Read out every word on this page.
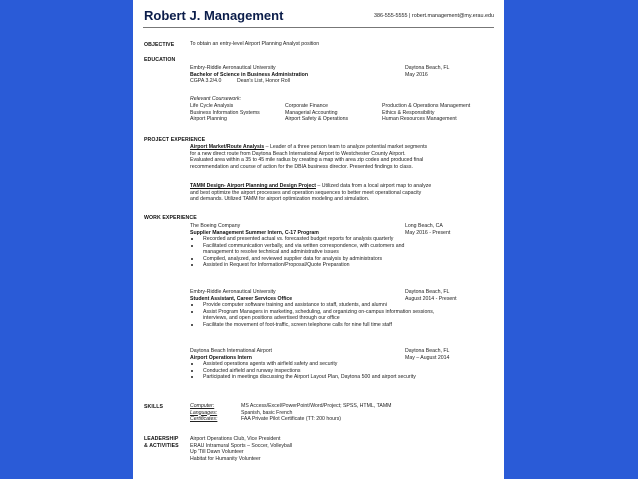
Robert J. Management	386-555-5555 | robert.management@my.erau.edu
OBJECTIVE	To obtain an entry-level Airport Planning Analyst position
EDUCATION
Embry-Riddle Aeronautical University	Daytona Beach, FL
Bachelor of Science in Business Administration	May 2016
CGPA 3.2/4.0	Dean's List, Honor Roll
Relevant Coursework:
Life Cycle Analysis	Corporate Finance	Production & Operations Management
Business Information Systems	Managerial Accounting	Ethics & Responsibility
Airport Planning	Airport Safety & Operations	Human Resources Management
PROJECT EXPERIENCE
Airport Market/Route Analysis – Leader of a three person team to analyze potential market segments
for a new direct route from Daytona Beach International Airport to Westchester County Airport.
Evaluated area within a 35 to 45 mile radius by creating a map with area zip codes and produced final
recommendation and course of action for the DBIA business director. Presented findings to class.
TAMM Design- Airport Planning and Design Project – Utilized data from a local airport map to analyze
and best optimize the airport processes and operation sequences to better meet operational capacity
and demands. Utilized TAMM for airport optimization modeling and simulation.
WORK EXPERIENCE
The Boeing Company	Long Beach, CA
Supplier Management Summer Intern, C-17 Program	May 2016 - Present
Recorded and presented actual vs. forecasted budget reports for analysis quarterly
Facilitated communication verbally, and via written correspondence, with customers and
management to resolve technical and administrative issues
Compiled, analyzed, and reviewed supplier data for analysis by administrators
Assisted in Request for Information/Proposal/Quote Preparation
Embry-Riddle Aeronautical University	Daytona Beach, FL
Student Assistant, Career Services Office	August 2014 - Present
Provide computer software training and assistance to staff, students, and alumni
Assist Program Managers in marketing, scheduling, and organizing on-campus information sessions,
interviews, and open positions advertised through our office
Facilitate the movement of foot-traffic, screen telephone calls for nine full time staff
Daytona Beach International Airport	Daytona Beach, FL
Airport Operations Intern	May – August 2014
Assisted operations agents with airfield safety and security
Conducted airfield and runway inspections
Participated in meetings discussing the Airport Layout Plan, Daytona 500 and airport security
SKILLS	Computer:	MS Access/Excel/PowerPoint/Word/Project; SPSS, HTML, TAMM
Languages:	Spanish, basic French
Certificates:	FAA Private Pilot Certificate (TT: 200 hours)
LEADERSHIP
& ACTIVITIES
Airport Operations Club, Vice President
ERAU Intramural Sports – Soccer, Volleyball
Up 'Till Dawn Volunteer
Habitat for Humanity Volunteer
